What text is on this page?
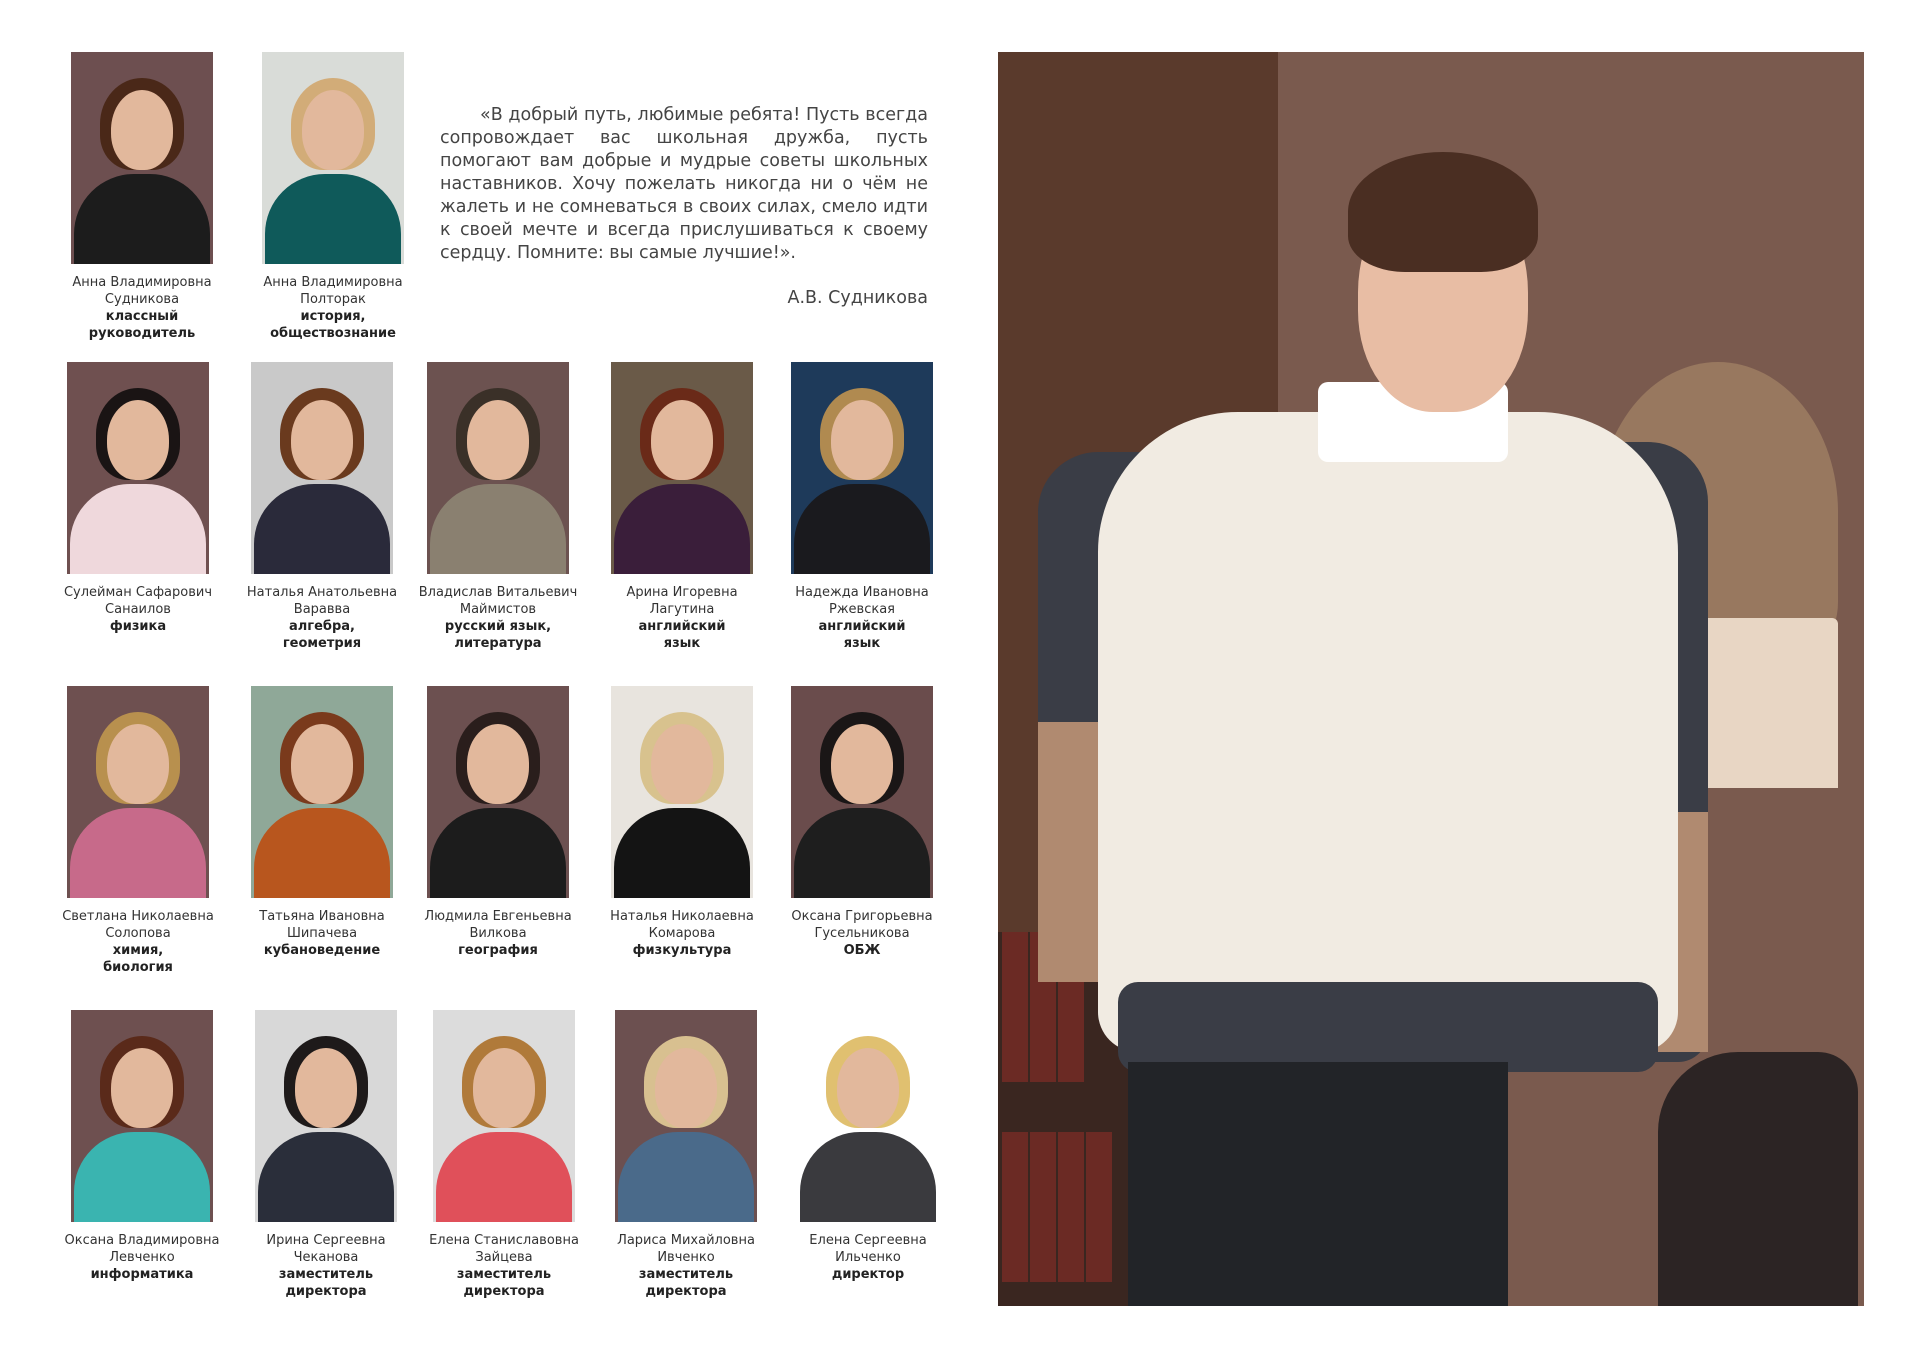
«В добрый путь, любимые ребята! Пусть всегда сопровождает вас школьная дружба, пусть помогают вам добрые и мудрые советы школьных наставников. Хочу пожелать никогда ни о чём не жалеть и не сомневаться в своих силах, смело идти к своей мечте и всегда прислушиваться к своему сердцу. Помните: вы самые лучшие!».
А.В. Судникова
Анна Владимировна
Судникова
классный
руководитель
Анна Владимировна
Полторак
история,
обществознание
Сулейман Сафарович
Санаилов
физика
Наталья Анатольевна
Варавва
алгебра,
геометрия
Владислав Витальевич
Маймистов
русский язык,
литература
Арина Игоревна
Лагутина
английский
язык
Надежда Ивановна
Ржевская
английский
язык
Светлана Николаевна
Солопова
химия,
биология
Татьяна Ивановна
Шипачева
кубановедение
Людмила Евгеньевна
Вилкова
география
Наталья Николаевна
Комарова
физкультура
Оксана Григорьевна
Гусельникова
ОБЖ
Оксана Владимировна
Левченко
информатика
Ирина Сергеевна
Чеканова
заместитель
директора
Елена Станиславовна
Зайцева
заместитель
директора
Лариса Михайловна
Ивченко
заместитель
директора
Елена Сергеевна
Ильченко
директор
